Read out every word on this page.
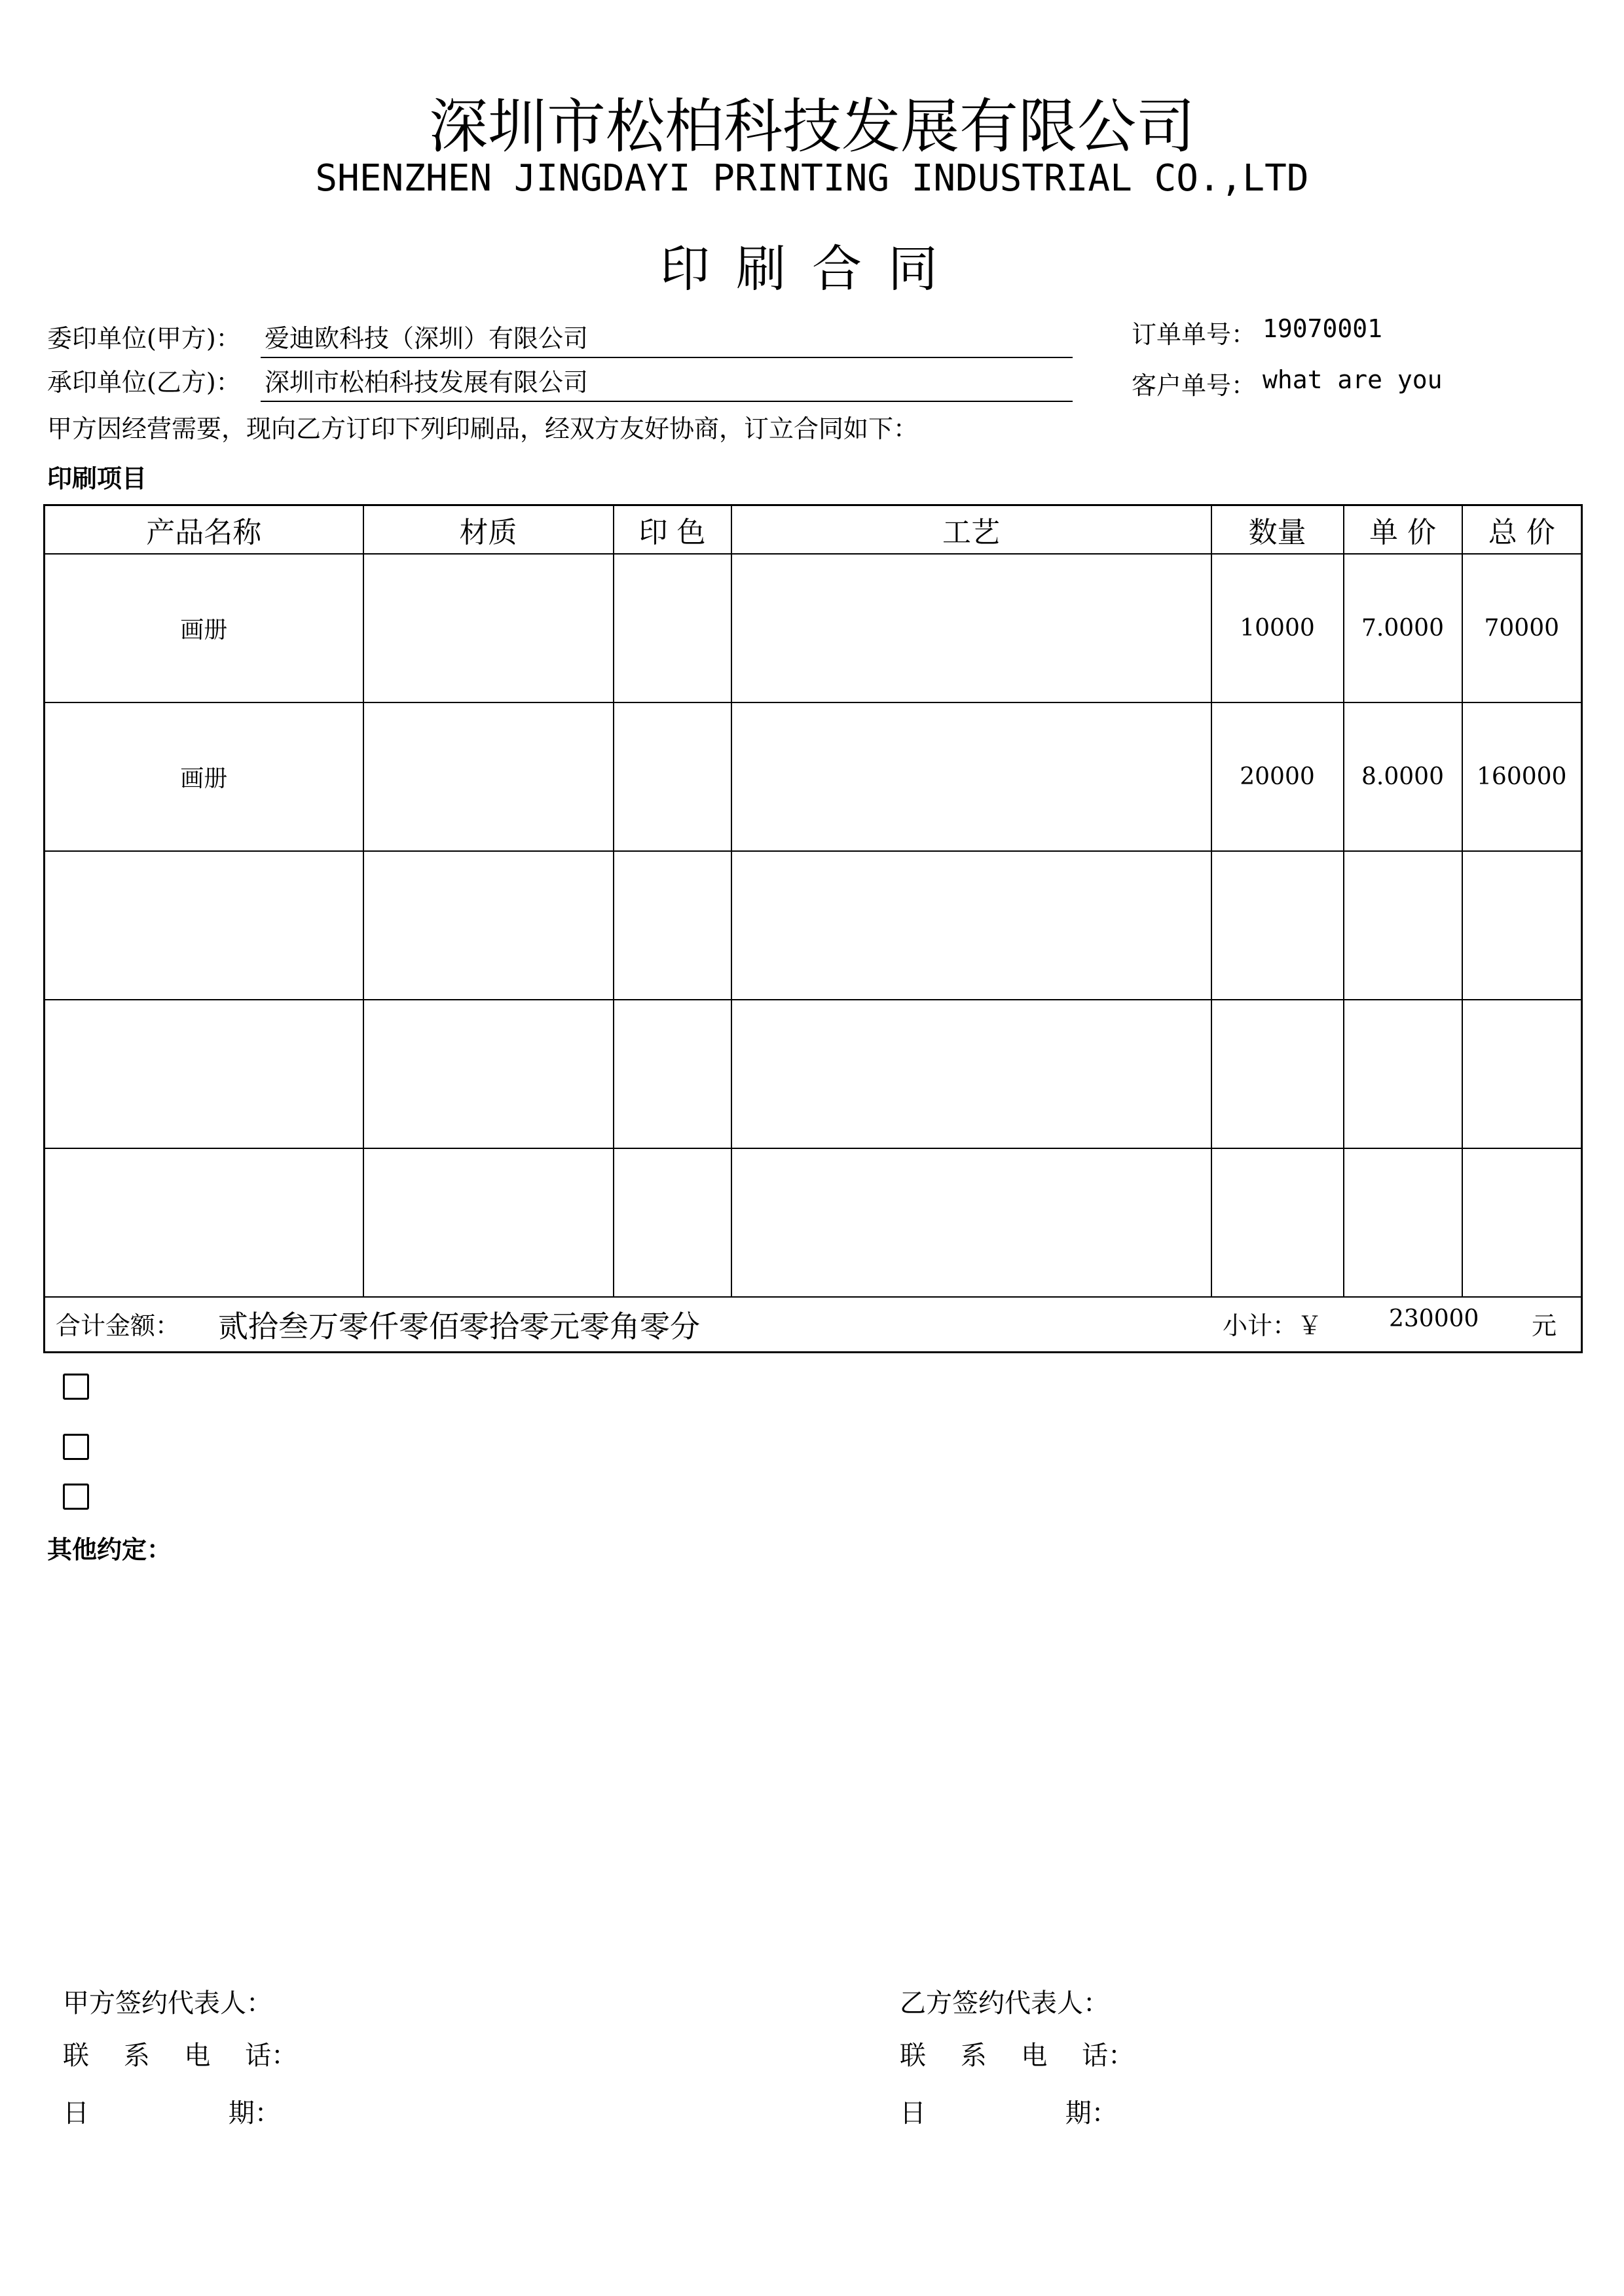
深圳市松柏科技发展有限公司
SHENZHEN JINGDAYI PRINTING INDUSTRIAL CO.,LTD
印刷合同
委印单位(甲方)： 爱迪欧科技（深圳）有限公司
承印单位(乙方)： 深圳市松柏科技发展有限公司
订单单号： 19070001
客户单号： what are you
甲方因经营需要，现向乙方订印下列印刷品，经双方友好协商，订立合同如下：
印刷项目
产品名称	材质	印 色	工艺	数量	单 价	总 价
画册				10000	7.0000	70000
画册				20000	8.0000	160000

合计金额： 贰拾叁万零仟零佰零拾零元零角零分 小计：￥ 230000 元						
其他约定：
甲方签约代表人：
联 系 电 话：
日 期：
乙方签约代表人：
联 系 电 话：
日 期：
